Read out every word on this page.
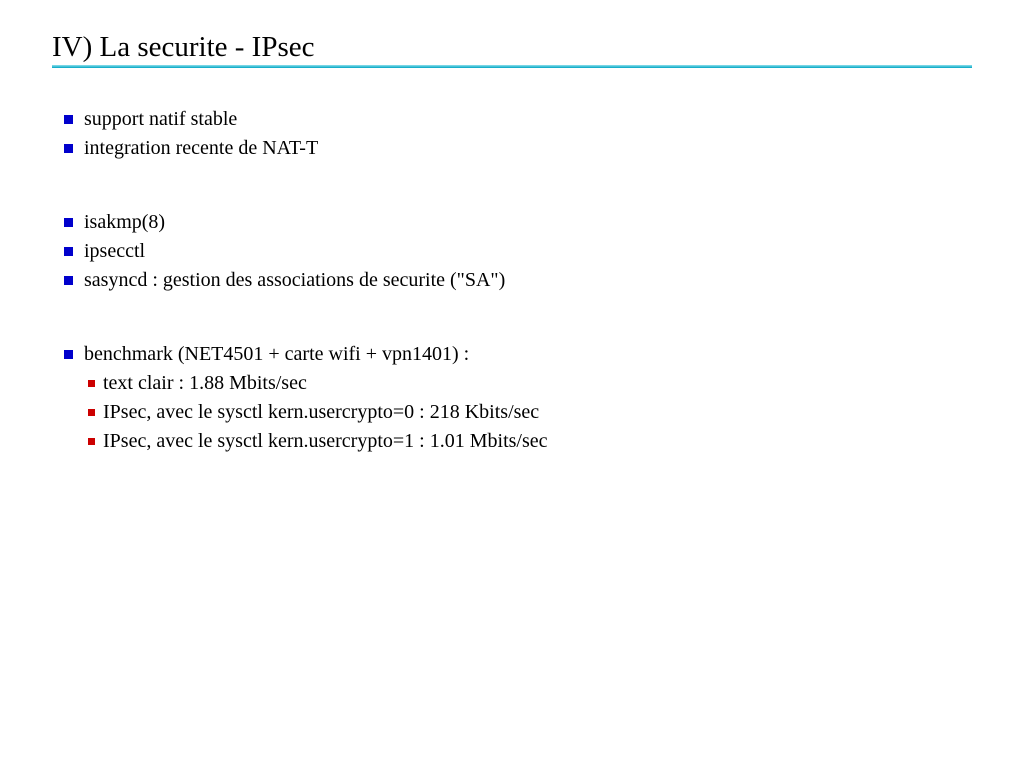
IV) La securite - IPsec
support natif stable
integration recente de NAT-T
isakmp(8)
ipsecctl
sasyncd : gestion des associations de securite ("SA")
benchmark (NET4501 + carte wifi + vpn1401) :
text clair : 1.88 Mbits/sec
IPsec, avec le sysctl kern.usercrypto=0 : 218 Kbits/sec
IPsec, avec le sysctl kern.usercrypto=1 : 1.01 Mbits/sec
